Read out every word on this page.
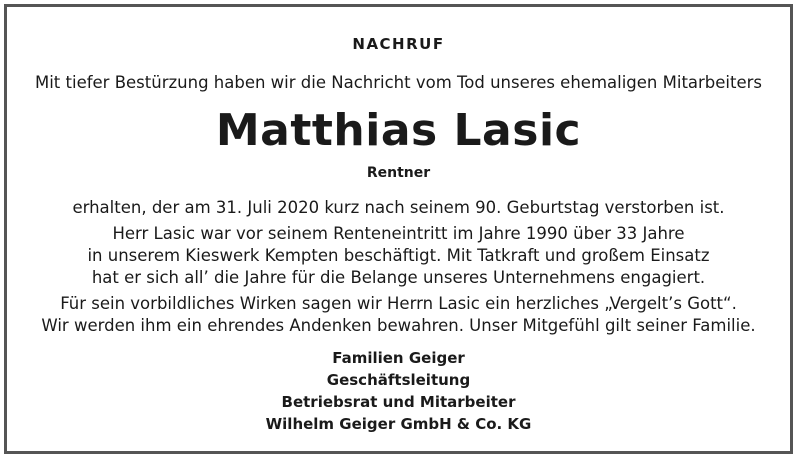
NACHRUF
Mit tiefer Bestürzung haben wir die Nachricht vom Tod unseres ehemaligen Mitarbeiters
Matthias Lasic
Rentner
erhalten, der am 31. Juli 2020 kurz nach seinem 90. Geburtstag verstorben ist.
Herr Lasic war vor seinem Renteneintritt im Jahre 1990 über 33 Jahre
in unserem Kieswerk Kempten beschäftigt. Mit Tatkraft und großem Einsatz
hat er sich all’ die Jahre für die Belange unseres Unternehmens engagiert.
Für sein vorbildliches Wirken sagen wir Herrn Lasic ein herzliches „Vergelt’s Gott“.
Wir werden ihm ein ehrendes Andenken bewahren. Unser Mitgefühl gilt seiner Familie.
Familien Geiger
Geschäftsleitung
Betriebsrat und Mitarbeiter
Wilhelm Geiger GmbH & Co. KG
